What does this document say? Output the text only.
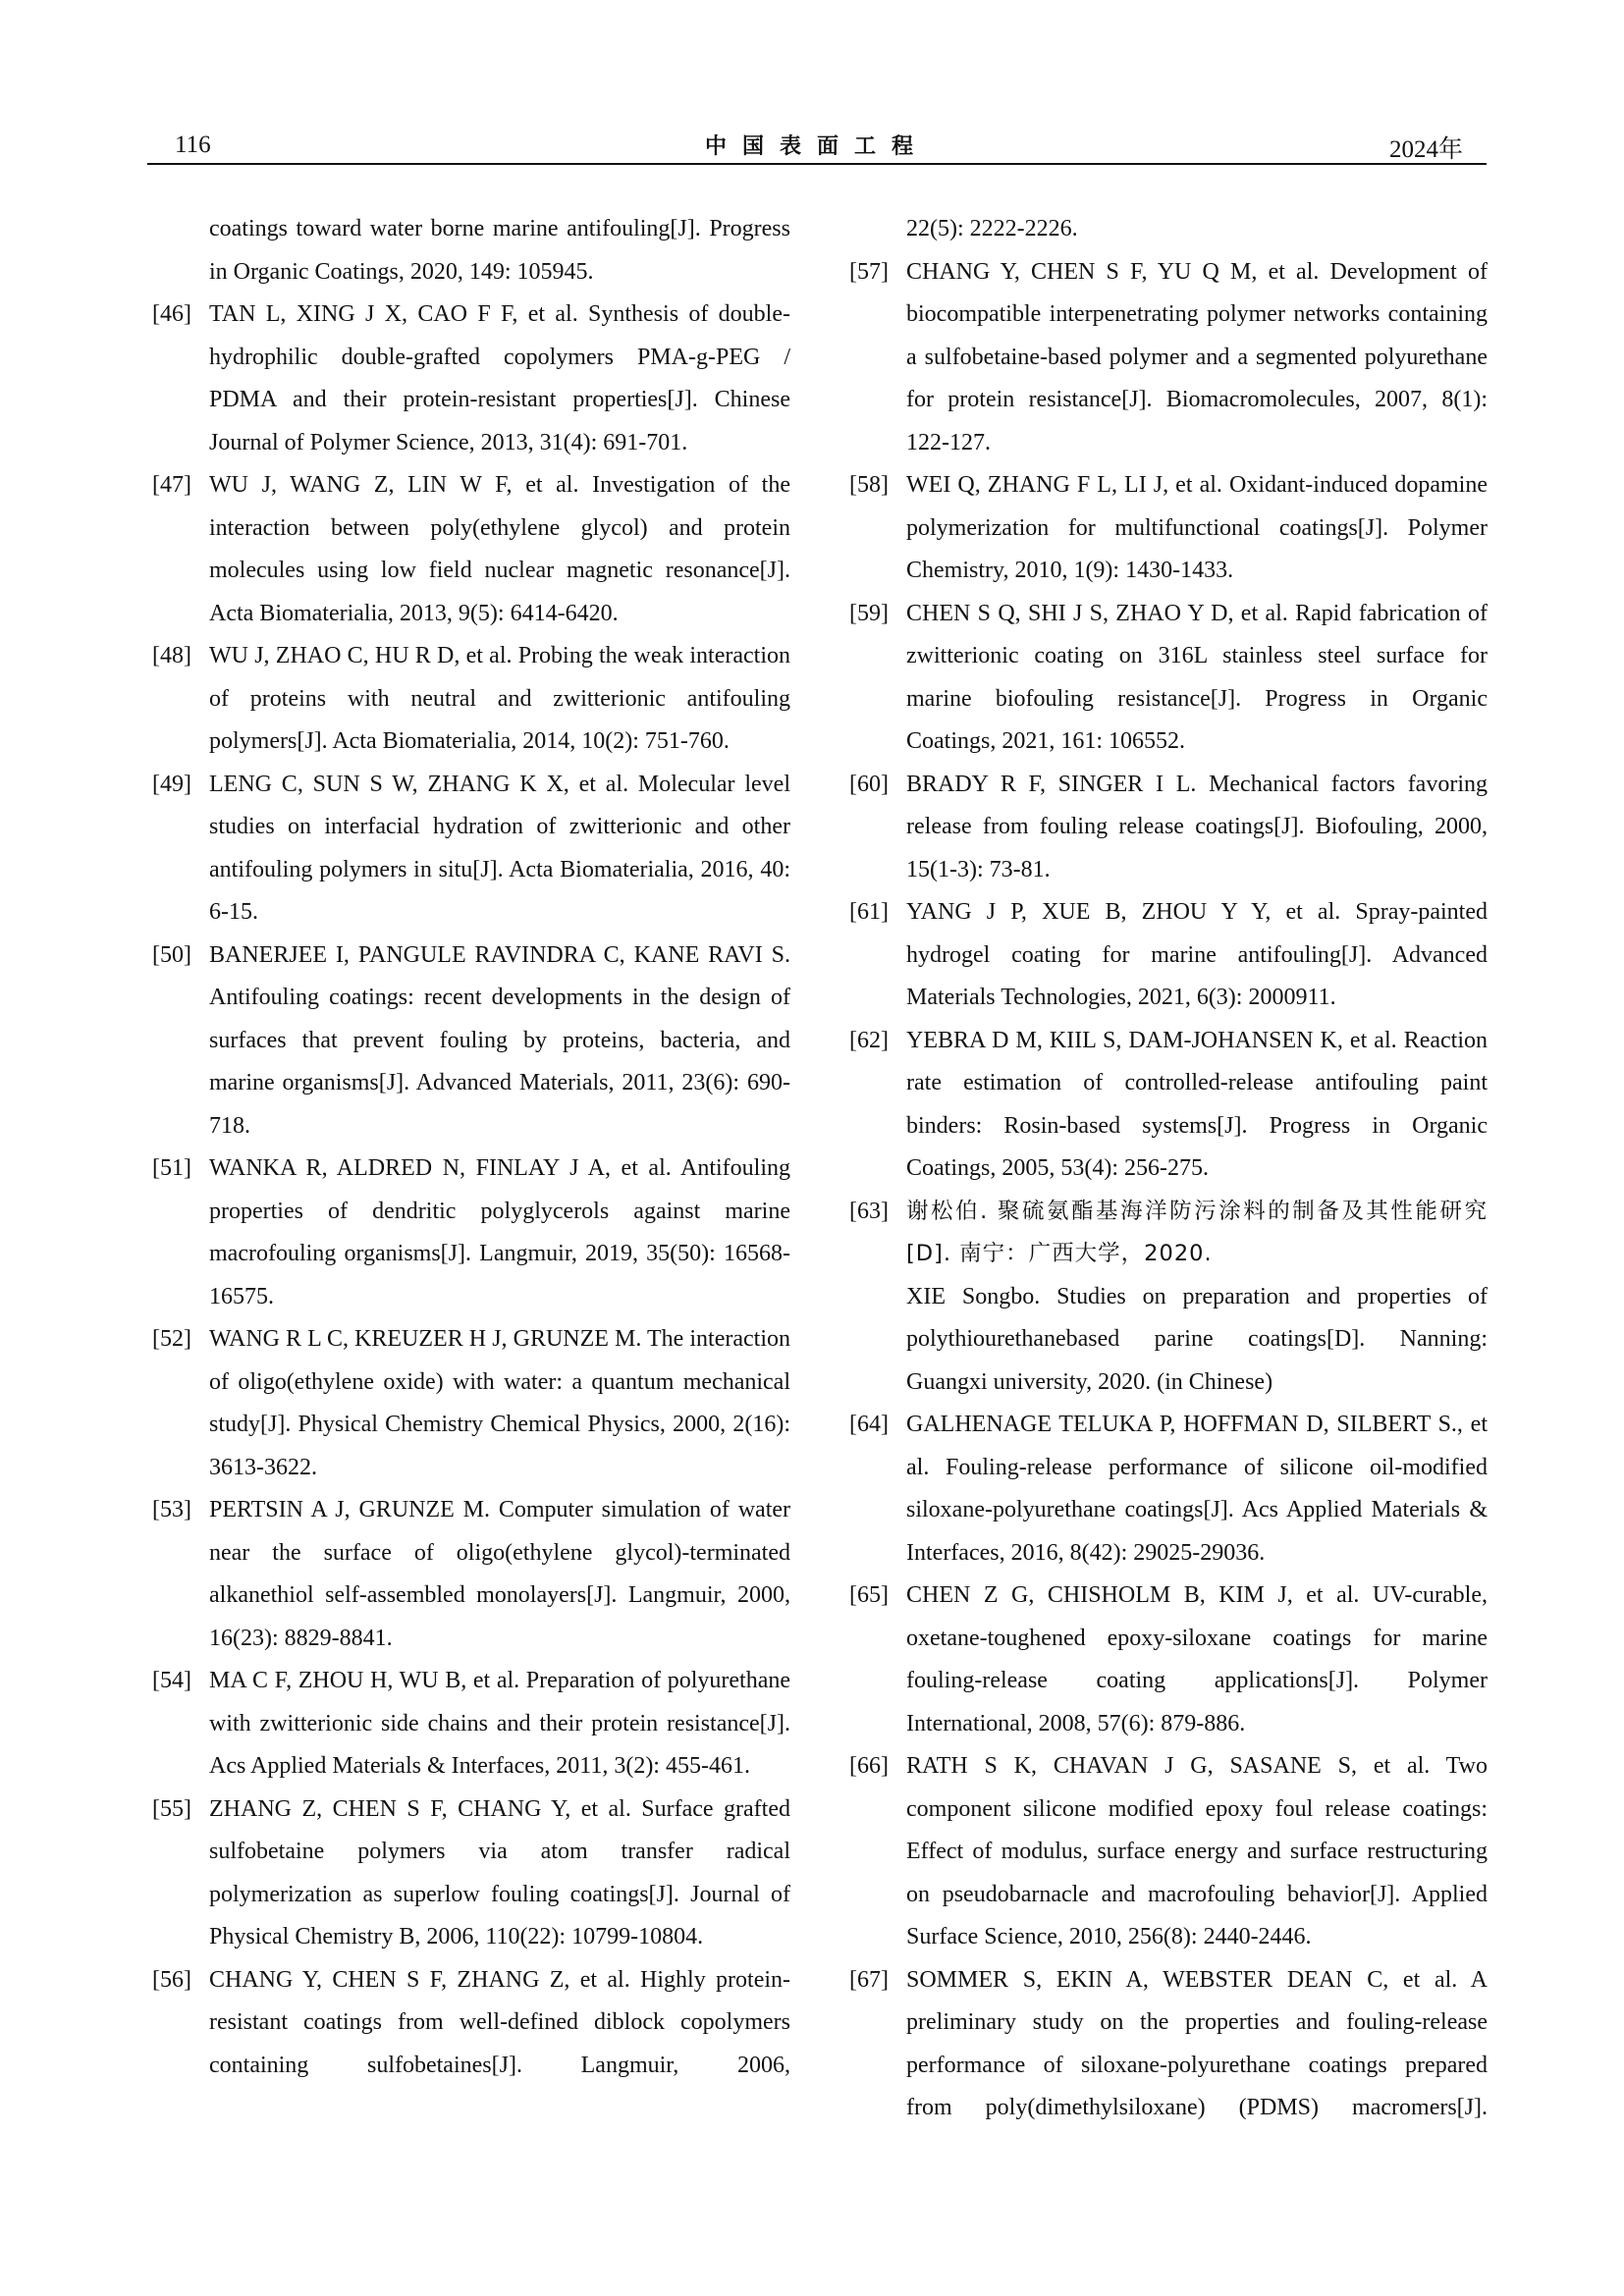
116	中国表面工程	2024年

coatings toward water borne marine antifouling[J]. Progress in Organic Coatings, 2020, 149: 105945.

[46] TAN L, XING J X, CAO F F, et al. Synthesis of double-hydrophilic double-grafted copolymers PMA-g-PEG / PDMA and their protein-resistant properties[J]. Chinese Journal of Polymer Science, 2013, 31(4): 691-701.

[47] WU J, WANG Z, LIN W F, et al. Investigation of the interaction between poly(ethylene glycol) and protein molecules using low field nuclear magnetic resonance[J]. Acta Biomaterialia, 2013, 9(5): 6414-6420.

[48] WU J, ZHAO C, HU R D, et al. Probing the weak interaction of proteins with neutral and zwitterionic antifouling polymers[J]. Acta Biomaterialia, 2014, 10(2): 751-760.

[49] LENG C, SUN S W, ZHANG K X, et al. Molecular level studies on interfacial hydration of zwitterionic and other antifouling polymers in situ[J]. Acta Biomaterialia, 2016, 40: 6-15.

[50] BANERJEE I, PANGULE RAVINDRA C, KANE RAVI S. Antifouling coatings: recent developments in the design of surfaces that prevent fouling by proteins, bacteria, and marine organisms[J]. Advanced Materials, 2011, 23(6): 690-718.

[51] WANKA R, ALDRED N, FINLAY J A, et al. Antifouling properties of dendritic polyglycerols against marine macrofouling organisms[J]. Langmuir, 2019, 35(50): 16568-16575.

[52] WANG R L C, KREUZER H J, GRUNZE M. The interaction of oligo(ethylene oxide) with water: a quantum mechanical study[J]. Physical Chemistry Chemical Physics, 2000, 2(16): 3613-3622.

[53] PERTSIN A J, GRUNZE M. Computer simulation of water near the surface of oligo(ethylene glycol)-terminated alkanethiol self-assembled monolayers[J]. Langmuir, 2000, 16(23): 8829-8841.

[54] MA C F, ZHOU H, WU B, et al. Preparation of polyurethane with zwitterionic side chains and their protein resistance[J]. Acs Applied Materials & Interfaces, 2011, 3(2): 455-461.

[55] ZHANG Z, CHEN S F, CHANG Y, et al. Surface grafted sulfobetaine polymers via atom transfer radical polymerization as superlow fouling coatings[J]. Journal of Physical Chemistry B, 2006, 110(22): 10799-10804.

[56] CHANG Y, CHEN S F, ZHANG Z, et al. Highly protein-resistant coatings from well-defined diblock copolymers containing sulfobetaines[J]. Langmuir, 2006,

22(5): 2222-2226.

[57] CHANG Y, CHEN S F, YU Q M, et al. Development of biocompatible interpenetrating polymer networks containing a sulfobetaine-based polymer and a segmented polyurethane for protein resistance[J]. Biomacromolecules, 2007, 8(1): 122-127.

[58] WEI Q, ZHANG F L, LI J, et al. Oxidant-induced dopamine polymerization for multifunctional coatings[J]. Polymer Chemistry, 2010, 1(9): 1430-1433.

[59] CHEN S Q, SHI J S, ZHAO Y D, et al. Rapid fabrication of zwitterionic coating on 316L stainless steel surface for marine biofouling resistance[J]. Progress in Organic Coatings, 2021, 161: 106552.

[60] BRADY R F, SINGER I L. Mechanical factors favoring release from fouling release coatings[J]. Biofouling, 2000, 15(1-3): 73-81.

[61] YANG J P, XUE B, ZHOU Y Y, et al. Spray-painted hydrogel coating for marine antifouling[J]. Advanced Materials Technologies, 2021, 6(3): 2000911.

[62] YEBRA D M, KIIL S, DAM-JOHANSEN K, et al. Reaction rate estimation of controlled-release antifouling paint binders: Rosin-based systems[J]. Progress in Organic Coatings, 2005, 53(4): 256-275.

[63] 谢松伯. 聚硫氨酯基海洋防污涂料的制备及其性能研究[D]. 南宁：广西大学，2020.

XIE Songbo. Studies on preparation and properties of polythiourethanebased parine coatings[D]. Nanning: Guangxi university, 2020. (in Chinese)

[64] GALHENAGE TELUKA P, HOFFMAN D, SILBERT S., et al. Fouling-release performance of silicone oil-modified siloxane-polyurethane coatings[J]. Acs Applied Materials & Interfaces, 2016, 8(42): 29025-29036.

[65] CHEN Z G, CHISHOLM B, KIM J, et al. UV-curable, oxetane-toughened epoxy-siloxane coatings for marine fouling-release coating applications[J]. Polymer International, 2008, 57(6): 879-886.

[66] RATH S K, CHAVAN J G, SASANE S, et al. Two component silicone modified epoxy foul release coatings: Effect of modulus, surface energy and surface restructuring on pseudobarnacle and macrofouling behavior[J]. Applied Surface Science, 2010, 256(8): 2440-2446.

[67] SOMMER S, EKIN A, WEBSTER DEAN C, et al. A preliminary study on the properties and fouling-release performance of siloxane-polyurethane coatings prepared from poly(dimethylsiloxane) (PDMS) macromers[J].
